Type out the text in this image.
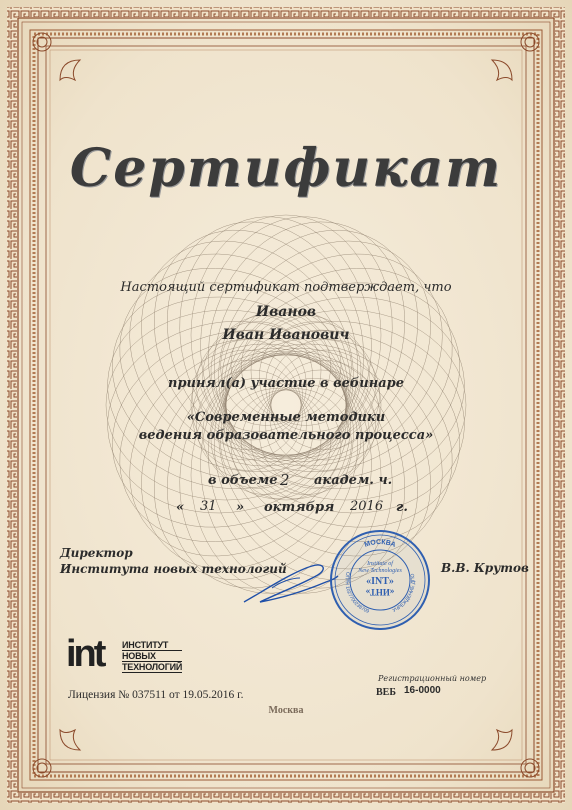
Сертификат
Настоящий сертификат подтверждает, что
Иванов
Иван Иванович
принял(а) участие в вебинаре
«Современные методики
ведения образовательного процесса»
в объеме 2 академ. ч.
« 31 » октября 2016 г.
Директор
Института новых технологий	В.В. Крутов
МОСКВА
ОГРН 1027700238709	УЧРЕЖДЕНИЕ ДПО
Institute of
New Technologies
«INT»
«ИНТ»
int ИНСТИТУТ
НОВЫХ
ТЕХНОЛОГИЙ
Лицензия № 037511 от 19.05.2016 г.
Москва
Регистрационный номер
ВЕБ 16-0000
